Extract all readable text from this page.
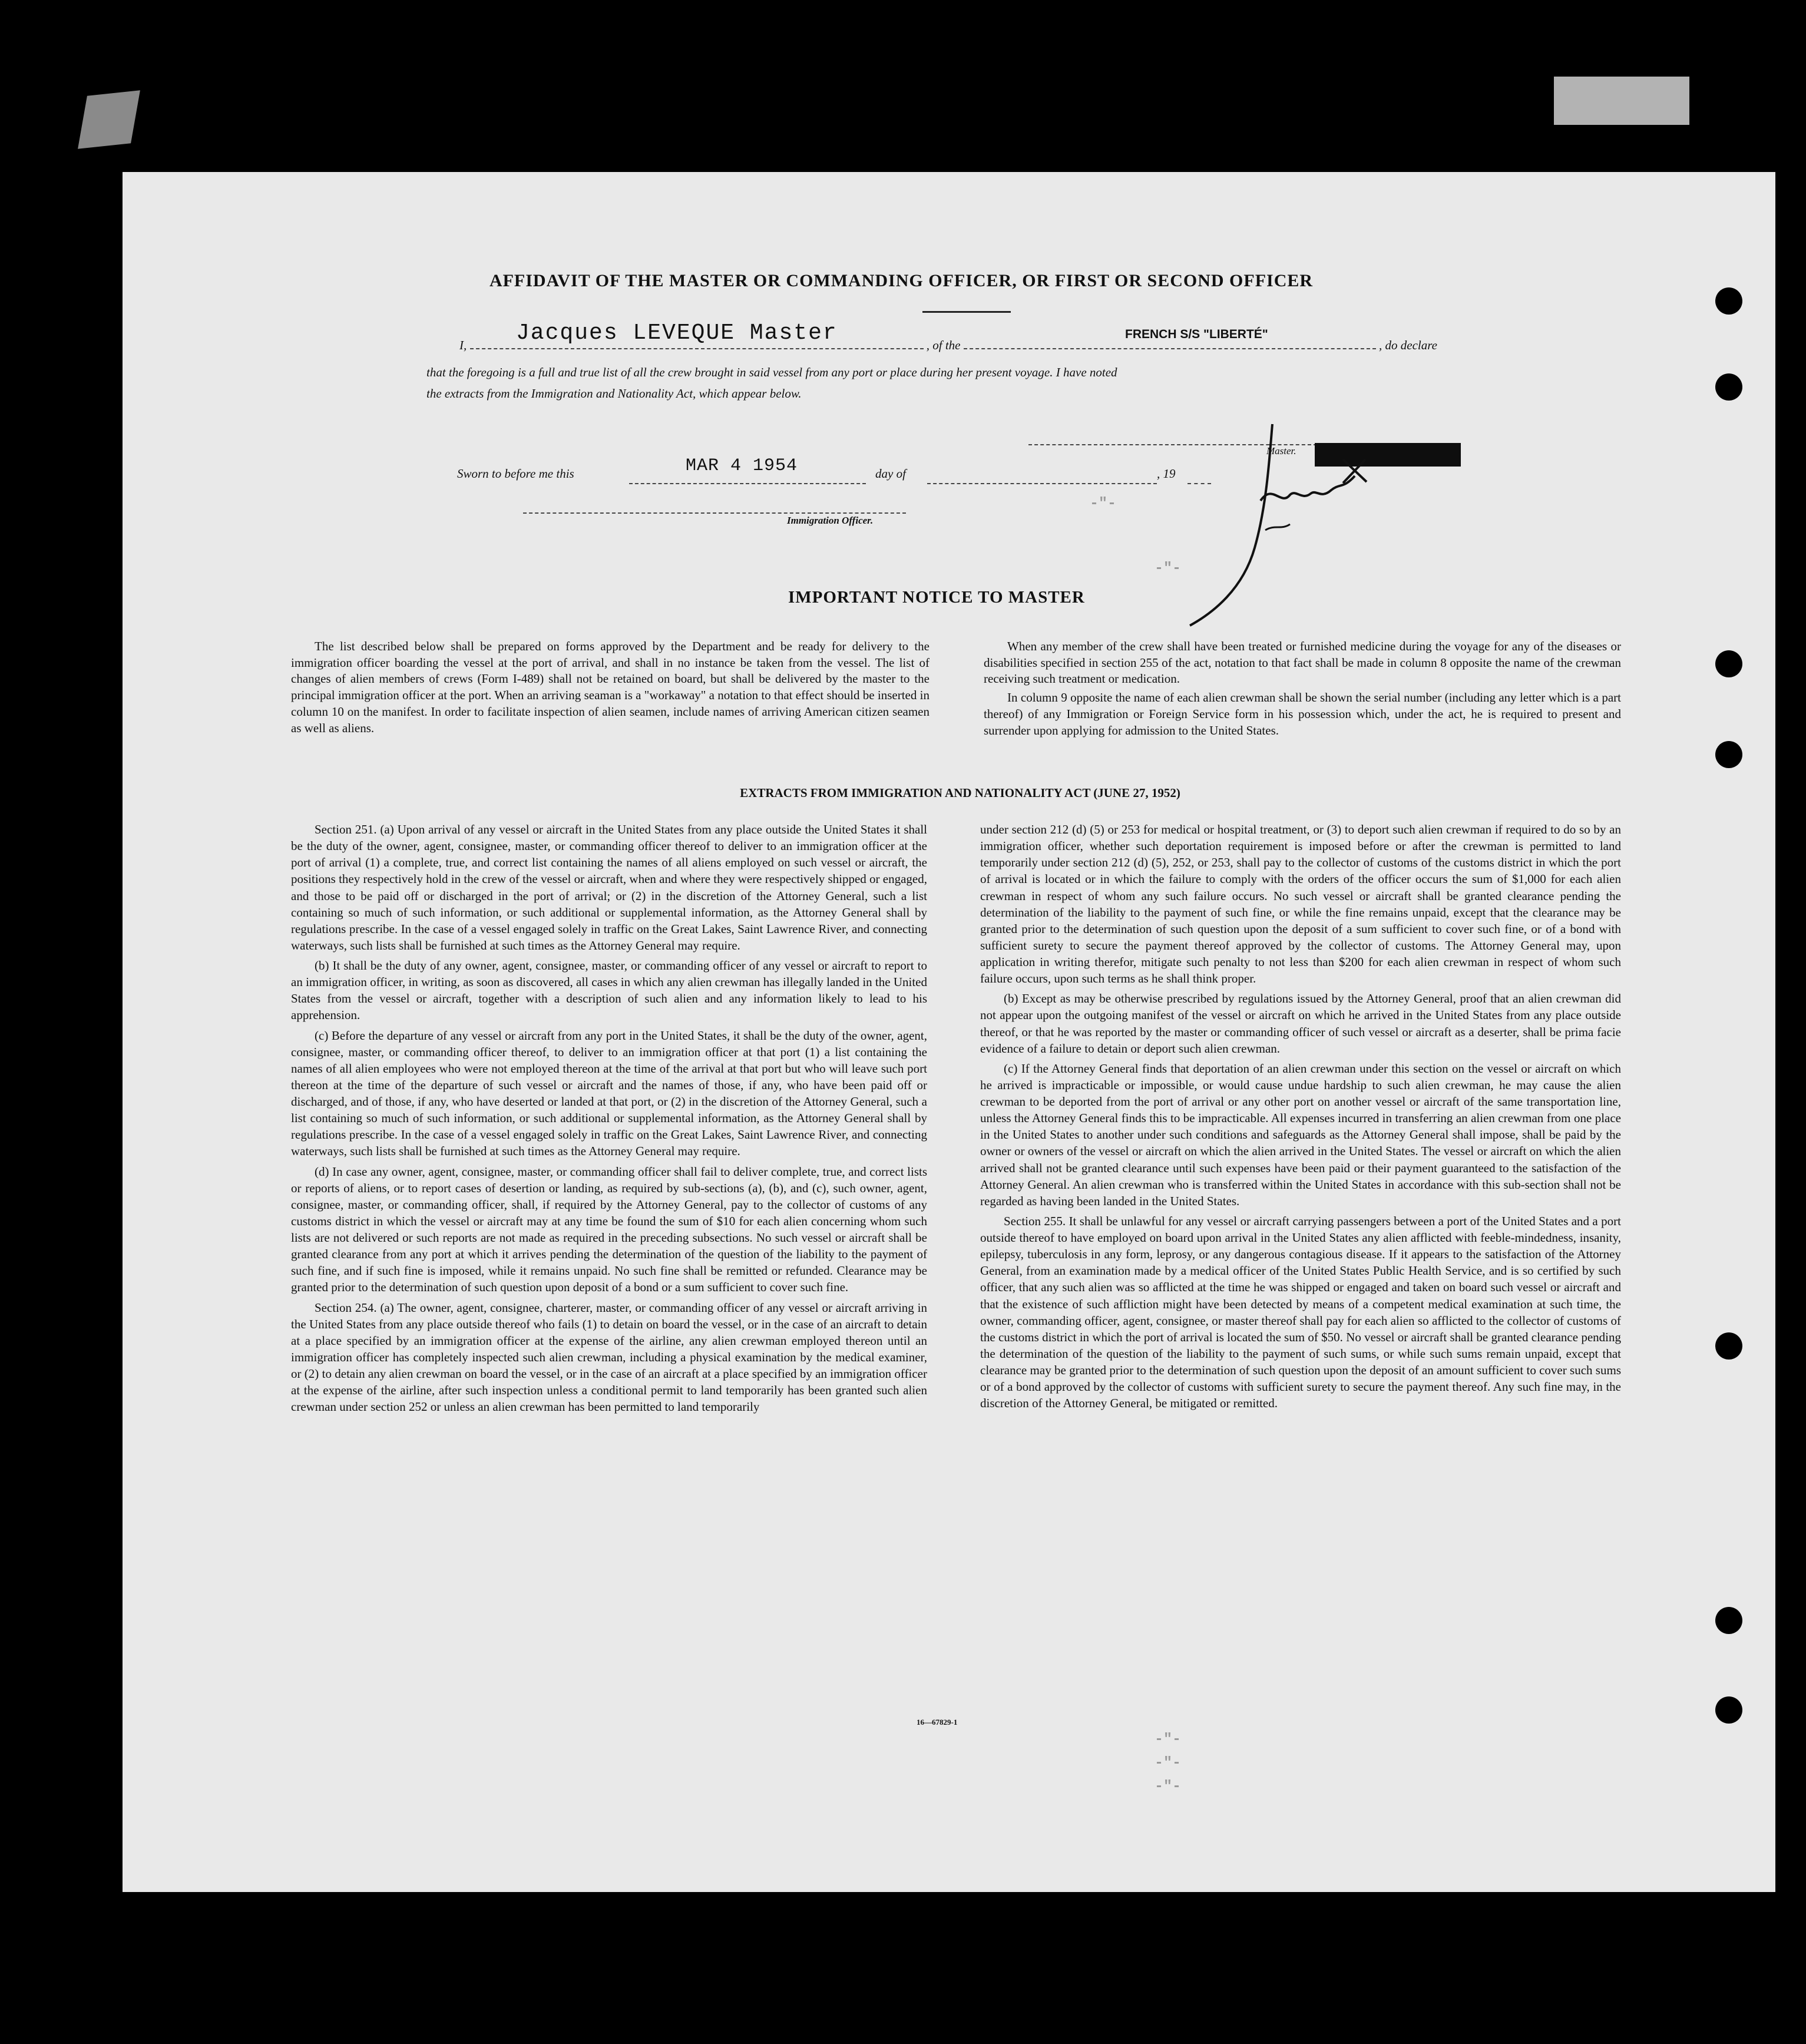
AFFIDAVIT OF THE MASTER OR COMMANDING OFFICER, OR FIRST OR SECOND OFFICER
I,	, of the	, do declare
Jacques LEVEQUE Master	FRENCH S/S "LIBERTÉ"
that the foregoing is a full and true list of all the crew brought in said vessel from any port or place during her present voyage. I have noted
the extracts from the Immigration and Nationality Act, which appear below.
Master.
Sworn to before me this	MAR 4 1954	day of	, 19
Immigration Officer.
-"-
-"-
-"-
-"-
-"-
IMPORTANT NOTICE TO MASTER

The list described below shall be prepared on forms approved by the Department and be ready for delivery to the immigration officer boarding the vessel at the port of arrival, and shall in no instance be taken from the vessel. The list of changes of alien members of crews (Form I-489) shall not be retained on board, but shall be delivered by the master to the principal immigration officer at the port. When an arriving seaman is a "workaway" a notation to that effect should be inserted in column 10 on the manifest. In order to facilitate inspection of alien seamen, include names of arriving American citizen seamen as well as aliens.

When any member of the crew shall have been treated or furnished medicine during the voyage for any of the diseases or disabilities specified in section 255 of the act, notation to that fact shall be made in column 8 opposite the name of the crewman receiving such treatment or medication.

In column 9 opposite the name of each alien crewman shall be shown the serial number (including any letter which is a part thereof) of any Immigration or Foreign Service form in his possession which, under the act, he is required to present and surrender upon applying for admission to the United States.

EXTRACTS FROM IMMIGRATION AND NATIONALITY ACT (JUNE 27, 1952)

Section 251. (a) Upon arrival of any vessel or aircraft in the United States from any place outside the United States it shall be the duty of the owner, agent, consignee, master, or commanding officer thereof to deliver to an immigration officer at the port of arrival (1) a complete, true, and correct list containing the names of all aliens employed on such vessel or aircraft, the positions they respectively hold in the crew of the vessel or aircraft, when and where they were respectively shipped or engaged, and those to be paid off or discharged in the port of arrival; or (2) in the discretion of the Attorney General, such a list containing so much of such information, or such additional or supplemental information, as the Attorney General shall by regulations prescribe. In the case of a vessel engaged solely in traffic on the Great Lakes, Saint Lawrence River, and connecting waterways, such lists shall be furnished at such times as the Attorney General may require.

(b) It shall be the duty of any owner, agent, consignee, master, or commanding officer of any vessel or aircraft to report to an immigration officer, in writing, as soon as discovered, all cases in which any alien crewman has illegally landed in the United States from the vessel or aircraft, together with a description of such alien and any information likely to lead to his apprehension.

(c) Before the departure of any vessel or aircraft from any port in the United States, it shall be the duty of the owner, agent, consignee, master, or commanding officer thereof, to deliver to an immigration officer at that port (1) a list containing the names of all alien employees who were not employed thereon at the time of the arrival at that port but who will leave such port thereon at the time of the departure of such vessel or aircraft and the names of those, if any, who have been paid off or discharged, and of those, if any, who have deserted or landed at that port, or (2) in the discretion of the Attorney General, such a list containing so much of such information, or such additional or supplemental information, as the Attorney General shall by regulations prescribe. In the case of a vessel engaged solely in traffic on the Great Lakes, Saint Lawrence River, and connecting waterways, such lists shall be furnished at such times as the Attorney General may require.

(d) In case any owner, agent, consignee, master, or commanding officer shall fail to deliver complete, true, and correct lists or reports of aliens, or to report cases of desertion or landing, as required by sub-sections (a), (b), and (c), such owner, agent, consignee, master, or commanding officer, shall, if required by the Attorney General, pay to the collector of customs of any customs district in which the vessel or aircraft may at any time be found the sum of $10 for each alien concerning whom such lists are not delivered or such reports are not made as required in the preceding subsections. No such vessel or aircraft shall be granted clearance from any port at which it arrives pending the determination of the question of the liability to the payment of such fine, and if such fine is imposed, while it remains unpaid. No such fine shall be remitted or refunded. Clearance may be granted prior to the determination of such question upon deposit of a bond or a sum sufficient to cover such fine.

Section 254. (a) The owner, agent, consignee, charterer, master, or commanding officer of any vessel or aircraft arriving in the United States from any place outside thereof who fails (1) to detain on board the vessel, or in the case of an aircraft to detain at a place specified by an immigration officer at the expense of the airline, any alien crewman employed thereon until an immigration officer has completely inspected such alien crewman, including a physical examination by the medical examiner, or (2) to detain any alien crewman on board the vessel, or in the case of an aircraft at a place specified by an immigration officer at the expense of the airline, after such inspection unless a conditional permit to land temporarily has been granted such alien crewman under section 252 or unless an alien crewman has been permitted to land temporarily

under section 212 (d) (5) or 253 for medical or hospital treatment, or (3) to deport such alien crewman if required to do so by an immigration officer, whether such deportation requirement is imposed before or after the crewman is permitted to land temporarily under section 212 (d) (5), 252, or 253, shall pay to the collector of customs of the customs district in which the port of arrival is located or in which the failure to comply with the orders of the officer occurs the sum of $1,000 for each alien crewman in respect of whom any such failure occurs. No such vessel or aircraft shall be granted clearance pending the determination of the liability to the payment of such fine, or while the fine remains unpaid, except that the clearance may be granted prior to the determination of such question upon the deposit of a sum sufficient to cover such fine, or of a bond with sufficient surety to secure the payment thereof approved by the collector of customs. The Attorney General may, upon application in writing therefor, mitigate such penalty to not less than $200 for each alien crewman in respect of whom such failure occurs, upon such terms as he shall think proper.

(b) Except as may be otherwise prescribed by regulations issued by the Attorney General, proof that an alien crewman did not appear upon the outgoing manifest of the vessel or aircraft on which he arrived in the United States from any place outside thereof, or that he was reported by the master or commanding officer of such vessel or aircraft as a deserter, shall be prima facie evidence of a failure to detain or deport such alien crewman.

(c) If the Attorney General finds that deportation of an alien crewman under this section on the vessel or aircraft on which he arrived is impracticable or impossible, or would cause undue hardship to such alien crewman, he may cause the alien crewman to be deported from the port of arrival or any other port on another vessel or aircraft of the same transportation line, unless the Attorney General finds this to be impracticable. All expenses incurred in transferring an alien crewman from one place in the United States to another under such conditions and safeguards as the Attorney General shall impose, shall be paid by the owner or owners of the vessel or aircraft on which the alien arrived in the United States. The vessel or aircraft on which the alien arrived shall not be granted clearance until such expenses have been paid or their payment guaranteed to the satisfaction of the Attorney General. An alien crewman who is transferred within the United States in accordance with this sub-section shall not be regarded as having been landed in the United States.

Section 255. It shall be unlawful for any vessel or aircraft carrying passengers between a port of the United States and a port outside thereof to have employed on board upon arrival in the United States any alien afflicted with feeble-mindedness, insanity, epilepsy, tuberculosis in any form, leprosy, or any dangerous contagious disease. If it appears to the satisfaction of the Attorney General, from an examination made by a medical officer of the United States Public Health Service, and is so certified by such officer, that any such alien was so afflicted at the time he was shipped or engaged and taken on board such vessel or aircraft and that the existence of such affliction might have been detected by means of a competent medical examination at such time, the owner, commanding officer, agent, consignee, or master thereof shall pay for each alien so afflicted to the collector of customs of the customs district in which the port of arrival is located the sum of $50. No vessel or aircraft shall be granted clearance pending the determination of the question of the liability to the payment of such sums, or while such sums remain unpaid, except that clearance may be granted prior to the determination of such question upon the deposit of an amount sufficient to cover such sums or of a bond approved by the collector of customs with sufficient surety to secure the payment thereof. Any such fine may, in the discretion of the Attorney General, be mitigated or remitted.

16—67829-1
